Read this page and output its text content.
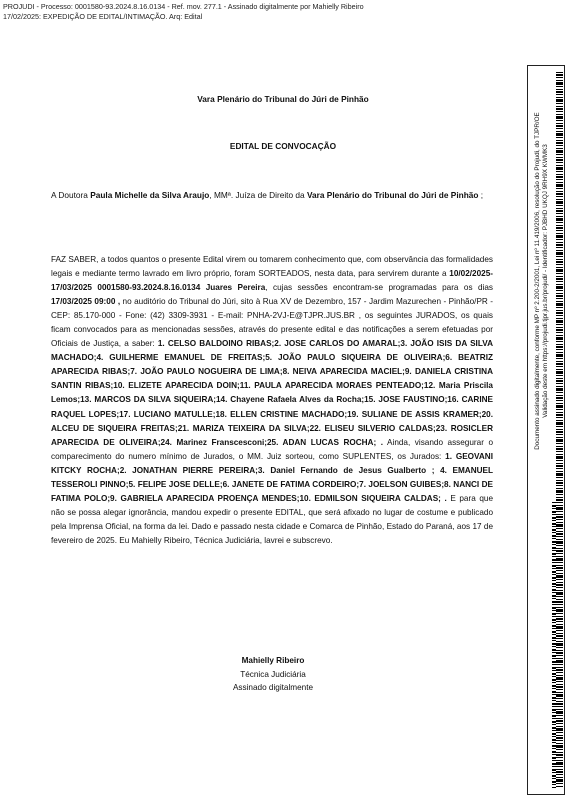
PROJUDI - Processo: 0001580-93.2024.8.16.0134 - Ref. mov. 277.1 - Assinado digitalmente por Mahielly Ribeiro
17/02/2025: EXPEDIÇÃO DE EDITAL/INTIMAÇÃO. Arq: Edital
Vara Plenário do Tribunal do Júri de Pinhão
EDITAL DE CONVOCAÇÃO
A Doutora Paula Michelle da Silva Araujo, MMª. Juíza de Direito da Vara Plenário do Tribunal do Júri de Pinhão ;
FAZ SABER, a todos quantos o presente Edital virem ou tomarem conhecimento que, com observância das formalidades legais e mediante termo lavrado em livro próprio, foram SORTEADOS, nesta data, para servirem durante a 10/02/2025-17/03/2025 0001580-93.2024.8.16.0134 Juares Pereira, cujas sessões encontram-se programadas para os dias 17/03/2025 09:00 , no auditório do Tribunal do Júri, sito à Rua XV de Dezembro, 157 - Jardim Mazurechen - Pinhão/PR - CEP: 85.170-000 - Fone: (42) 3309-3931 - E-mail: PNHA-2VJ-E@TJPR.JUS.BR , os seguintes JURADOS, os quais ficam convocados para as mencionadas sessões, através do presente edital e das notificações a serem efetuadas por Oficiais de Justiça, a saber: 1. CELSO BALDOINO RIBAS;2. JOSE CARLOS DO AMARAL;3. JOÃO ISIS DA SILVA MACHADO;4. GUILHERME EMANUEL DE FREITAS;5. JOÃO PAULO SIQUEIRA DE OLIVEIRA;6. BEATRIZ APARECIDA RIBAS;7. JOÃO PAULO NOGUEIRA DE LIMA;8. NEIVA APARECIDA MACIEL;9. DANIELA CRISTINA SANTIN RIBAS;10. ELIZETE APARECIDA DOIN;11. PAULA APARECIDA MORAES PENTEADO;12. Maria Priscila Lemos;13. MARCOS DA SILVA SIQUEIRA;14. Chayene Rafaela Alves da Rocha;15. JOSE FAUSTINO;16. CARINE RAQUEL LOPES;17. LUCIANO MATULLE;18. ELLEN CRISTINE MACHADO;19. SULIANE DE ASSIS KRAMER;20. ALCEU DE SIQUEIRA FREITAS;21. MARIZA TEIXEIRA DA SILVA;22. ELISEU SILVERIO CALDAS;23. ROSICLER APARECIDA DE OLIVEIRA;24. Marinez Franscesconi;25. ADAN LUCAS ROCHA; . Ainda, visando assegurar o comparecimento do numero mínimo de Jurados, o MM. Juiz sorteou, como SUPLENTES, os Jurados: 1. GEOVANI KITCKY ROCHA;2. JONATHAN PIERRE PEREIRA;3. Daniel Fernando de Jesus Gualberto ; 4. EMANUEL TESSEROLI PINNO;5. FELIPE JOSE DELLE;6. JANETE DE FATIMA CORDEIRO;7. JOELSON GUIBES;8. NANCI DE FATIMA POLO;9. GABRIELA APARECIDA PROENÇA MENDES;10. EDMILSON SIQUEIRA CALDAS; . E para que não se possa alegar ignorância, mandou expedir o presente EDITAL, que será afixado no lugar de costume e publicado pela Imprensa Oficial, na forma da lei. Dado e passado nesta cidade e Comarca de Pinhão, Estado do Paraná, aos 17 de fevereiro de 2025. Eu Mahielly Ribeiro, Técnica Judiciária, lavrei e subscrevo.
Mahielly Ribeiro
Técnica Judiciária
Assinado digitalmente
Documento assinado digitalmente, conforme MP nº 2.200-2/2001, Lei nº 11.419/2006, resolução do Projudi, do TJPR/OE Validação deste em https://projudi.tjpr.jus.br/projudi/ - Identificador: PJBHD UKQJ 9RH9X KWMK3
